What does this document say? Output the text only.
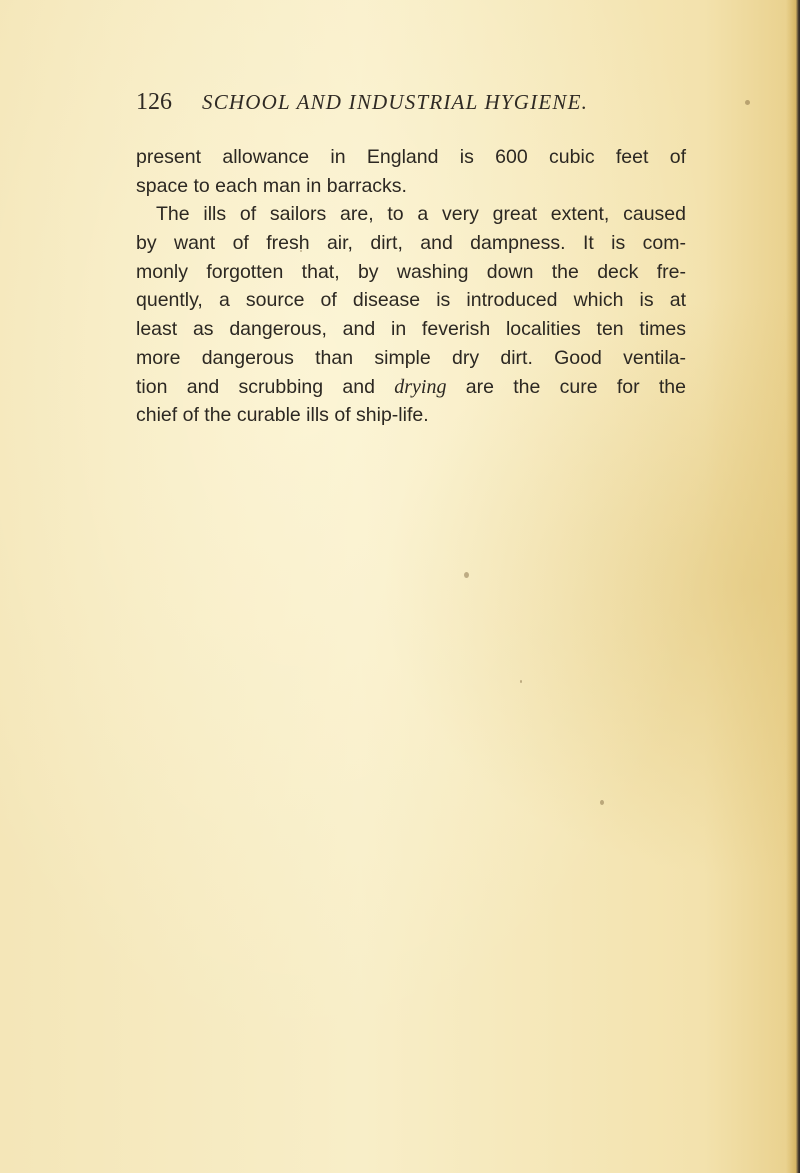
126 SCHOOL AND INDUSTRIAL HYGIENE.
present allowance in England is 600 cubic feet of
space to each man in barracks.
The ills of sailors are, to a very great extent, caused
by want of fresh air, dirt, and dampness. It is com-
monly forgotten that, by washing down the deck fre-
quently, a source of disease is introduced which is at
least as dangerous, and in feverish localities ten times
more dangerous than simple dry dirt. Good ventila-
tion and scrubbing and drying are the cure for the
chief of the curable ills of ship-life.
